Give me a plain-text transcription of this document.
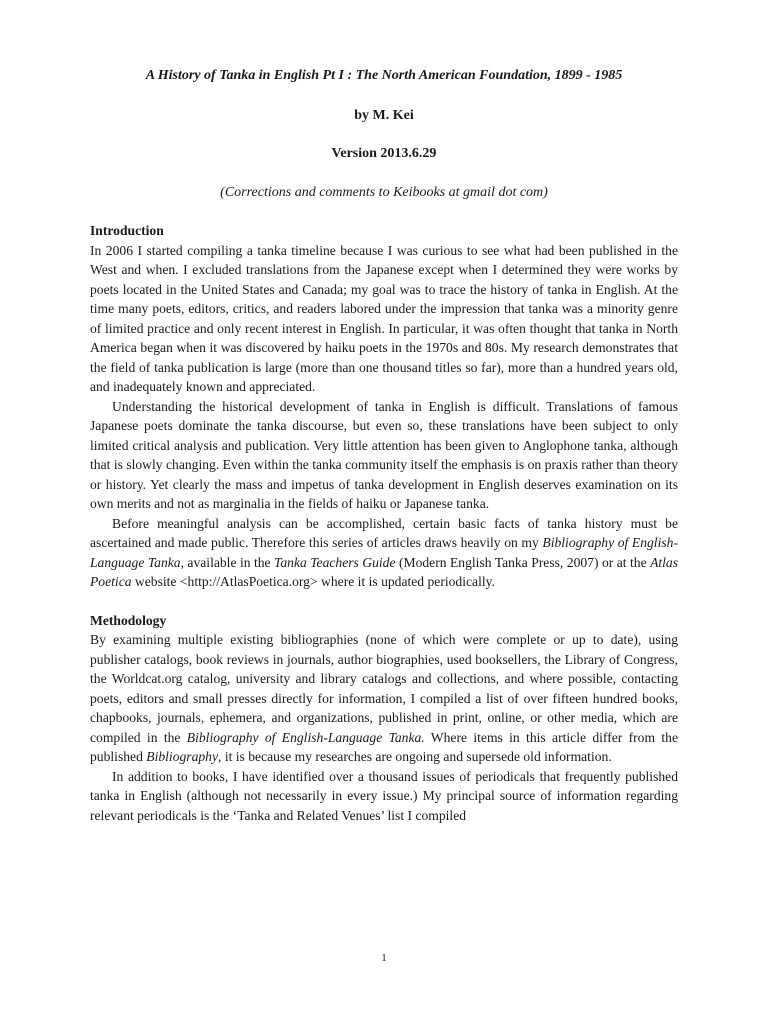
A History of Tanka in English Pt I : The North American Foundation, 1899 - 1985

by M. Kei

Version 2013.6.29

(Corrections and comments to Keibooks at gmail dot com)

Introduction

In 2006 I started compiling a tanka timeline because I was curious to see what had been published in the West and when. I excluded translations from the Japanese except when I determined they were works by poets located in the United States and Canada; my goal was to trace the history of tanka in English. At the time many poets, editors, critics, and readers labored under the impression that tanka was a minority genre of limited practice and only recent interest in English. In particular, it was often thought that tanka in North America began when it was discovered by haiku poets in the 1970s and 80s. My research demonstrates that the field of tanka publication is large (more than one thousand titles so far), more than a hundred years old, and inadequately known and appreciated.

Understanding the historical development of tanka in English is difficult. Translations of famous Japanese poets dominate the tanka discourse, but even so, these translations have been subject to only limited critical analysis and publication. Very little attention has been given to Anglophone tanka, although that is slowly changing. Even within the tanka community itself the emphasis is on praxis rather than theory or history. Yet clearly the mass and impetus of tanka development in English deserves examination on its own merits and not as marginalia in the fields of haiku or Japanese tanka.

Before meaningful analysis can be accomplished, certain basic facts of tanka history must be ascertained and made public. Therefore this series of articles draws heavily on my Bibliography of English-Language Tanka, available in the Tanka Teachers Guide (Modern English Tanka Press, 2007) or at the Atlas Poetica website <http://AtlasPoetica.org> where it is updated periodically.

Methodology

By examining multiple existing bibliographies (none of which were complete or up to date), using publisher catalogs, book reviews in journals, author biographies, used booksellers, the Library of Congress, the Worldcat.org catalog, university and library catalogs and collections, and where possible, contacting poets, editors and small presses directly for information, I compiled a list of over fifteen hundred books, chapbooks, journals, ephemera, and organizations, published in print, online, or other media, which are compiled in the Bibliography of English-Language Tanka. Where items in this article differ from the published Bibliography, it is because my researches are ongoing and supersede old information.

In addition to books, I have identified over a thousand issues of periodicals that frequently published tanka in English (although not necessarily in every issue.) My principal source of information regarding relevant periodicals is the ‘Tanka and Related Venues’ list I compiled

1
